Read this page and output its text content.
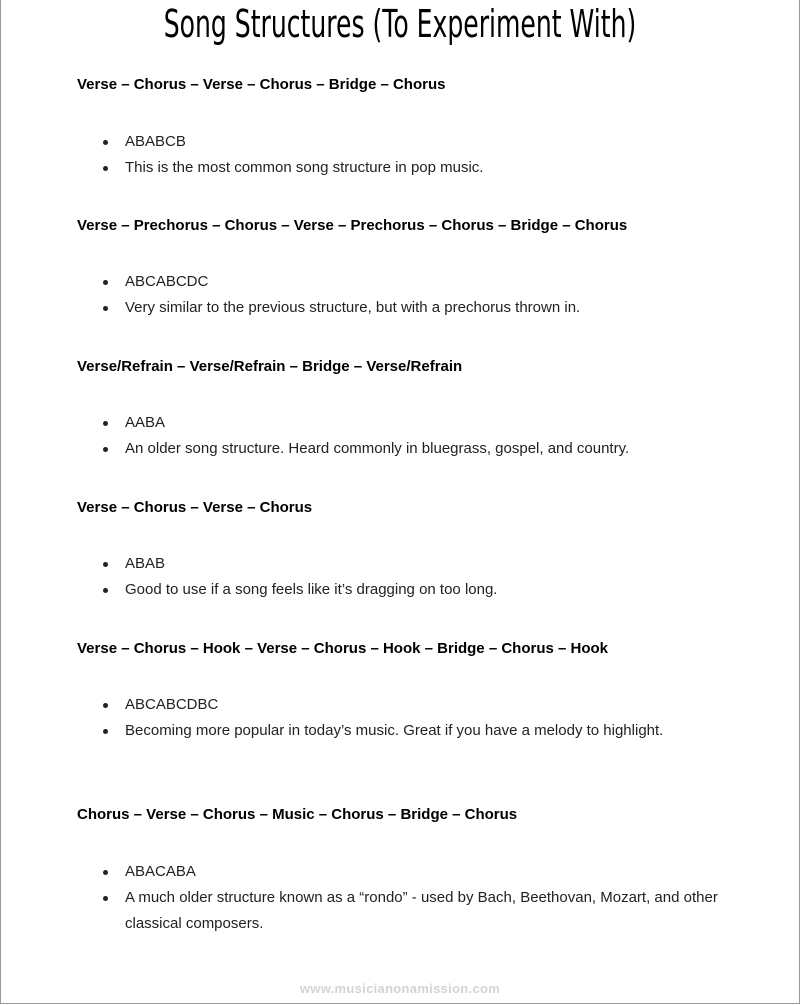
Song Structures (To Experiment With)
Verse – Chorus – Verse – Chorus – Bridge – Chorus
ABABCB
This is the most common song structure in pop music.
Verse – Prechorus – Chorus – Verse – Prechorus – Chorus – Bridge – Chorus
ABCABCDC
Very similar to the previous structure, but with a prechorus thrown in.
Verse/Refrain – Verse/Refrain – Bridge – Verse/Refrain
AABA
An older song structure. Heard commonly in bluegrass, gospel, and country.
Verse – Chorus – Verse – Chorus
ABAB
Good to use if a song feels like it’s dragging on too long.
Verse – Chorus – Hook – Verse – Chorus – Hook – Bridge – Chorus – Hook
ABCABCDBC
Becoming more popular in today’s music. Great if you have a melody to highlight.
Chorus – Verse – Chorus – Music – Chorus – Bridge – Chorus
ABACABA
A much older structure known as a “rondo” - used by Bach, Beethovan, Mozart, and other classical composers.
www.musicianonamission.com
